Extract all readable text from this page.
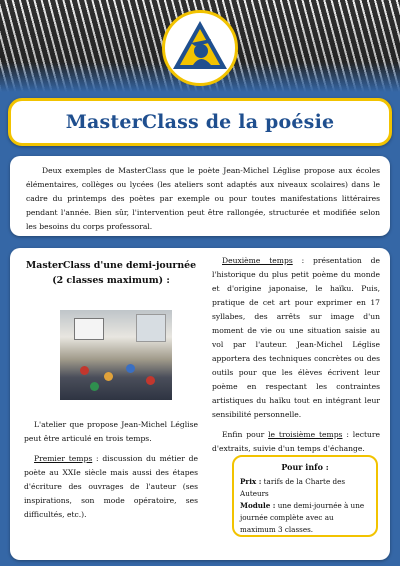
MasterClass de la poésie

Deux exemples de MasterClass que le poète Jean-Michel Léglise propose aux écoles élémentaires, collèges ou lycées (les ateliers sont adaptés aux niveaux scolaires) dans le cadre du printemps des poètes par exemple ou pour toutes manifestations littéraires pendant l'année. Bien sûr, l'intervention peut être rallongée, structurée et modifiée selon les besoins du corps professoral.

MasterClass d'une demi-journée
(2 classes maximum) :

L'atelier que propose Jean-Michel Léglise peut être articulé en trois temps.

Premier temps : discussion du métier de poète au XXIe siècle mais aussi des étapes d'écriture des ouvrages de l'auteur (ses inspirations, son mode opératoire, ses difficultés, etc.).

Deuxième temps : présentation de l'historique du plus petit poème du monde et d'origine japonaise, le haïku. Puis, pratique de cet art pour exprimer en 17 syllabes, des arrêts sur image d'un moment de vie ou une situation saisie au vol par l'auteur. Jean-Michel Léglise apportera des techniques concrètes ou des outils pour que les élèves écrivent leur poème en respectant les contraintes artistiques du haïku tout en intégrant leur sensibilité personnelle.

Enfin pour le troisième temps : lecture d'extraits, suivie d'un temps d'échange.

Pour info :
Prix : tarifs de la Charte des Auteurs
Module : une demi-journée à une journée complète avec au maximum 3 classes.
